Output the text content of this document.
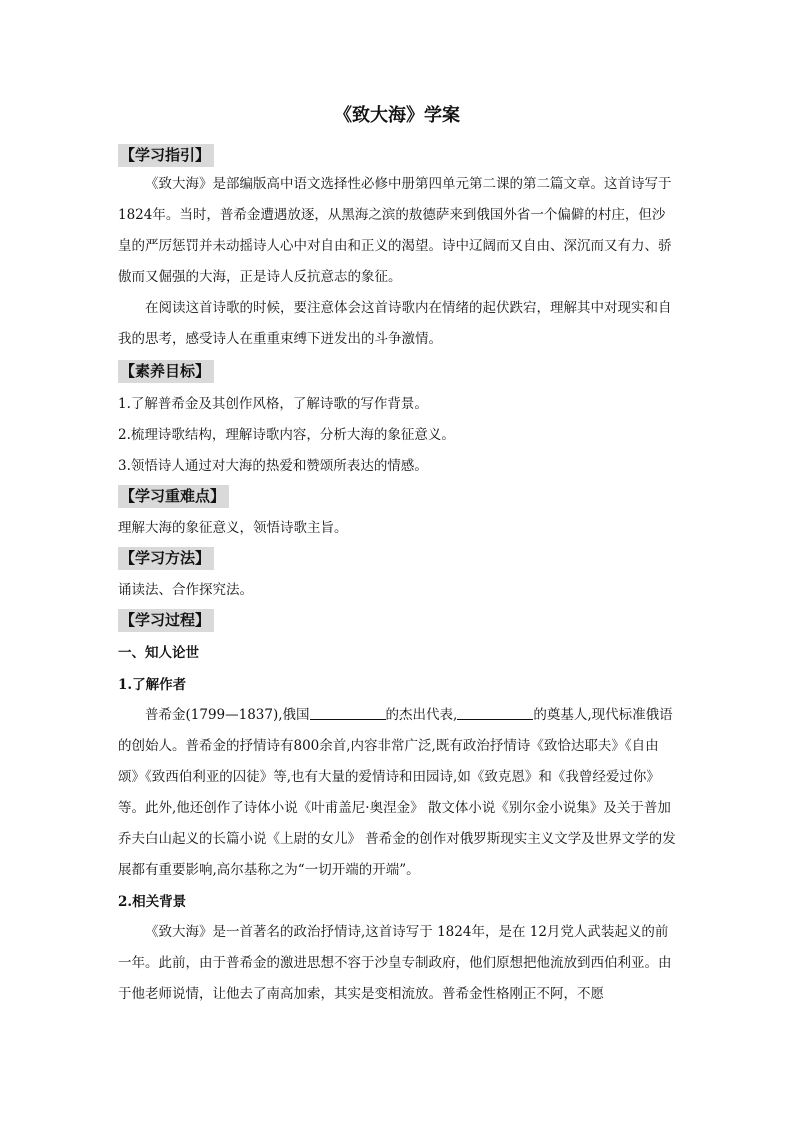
《致大海》学案
【学习指引】

《致大海》是部编版高中语文选择性必修中册第四单元第二课的第二篇文章。这首诗写于 1824年。当时，普希金遭遇放逐，从黑海之滨的敖德萨来到俄国外省一个偏僻的村庄，但沙皇的严厉惩罚并未动摇诗人心中对自由和正义的渴望。诗中辽阔而又自由、深沉而又有力、骄傲而又倔强的大海，正是诗人反抗意志的象征。

在阅读这首诗歌的时候，要注意体会这首诗歌内在情绪的起伏跌宕，理解其中对现实和自我的思考，感受诗人在重重束缚下迸发出的斗争激情。

【素养目标】
1.了解普希金及其创作风格，了解诗歌的写作背景。
2.梳理诗歌结构，理解诗歌内容，分析大海的象征意义。
3.领悟诗人通过对大海的热爱和赞颂所表达的情感。
【学习重难点】
理解大海的象征意义，领悟诗歌主旨。
【学习方法】
诵读法、合作探究法。
【学习过程】
一、知人论世
1.了解作者

普希金(1799—1837),俄国	的杰出代表,	的奠基人,现代标准俄语的创始人。普希金的抒情诗有800余首,内容非常广泛,既有政治抒情诗《致恰达耶夫》《自由颂》《致西伯利亚的囚徒》等,也有大量的爱情诗和田园诗,如《致克恩》和《我曾经爱过你》等。此外,他还创作了诗体小说《叶甫盖尼·奥涅金》 散文体小说《别尔金小说集》及关于普加乔夫白山起义的长篇小说《上尉的女儿》 普希金的创作对俄罗斯现实主义文学及世界文学的发展都有重要影响,高尔基称之为“一切开端的开端”。

2.相关背景

《致大海》是一首著名的政治抒情诗,这首诗写于 1824年，是在 12月党人武装起义的前一年。此前，由于普希金的激进思想不容于沙皇专制政府，他们原想把他流放到西伯利亚。由于他老师说情，让他去了南高加索，其实是变相流放。普希金性格刚正不阿，不愿
